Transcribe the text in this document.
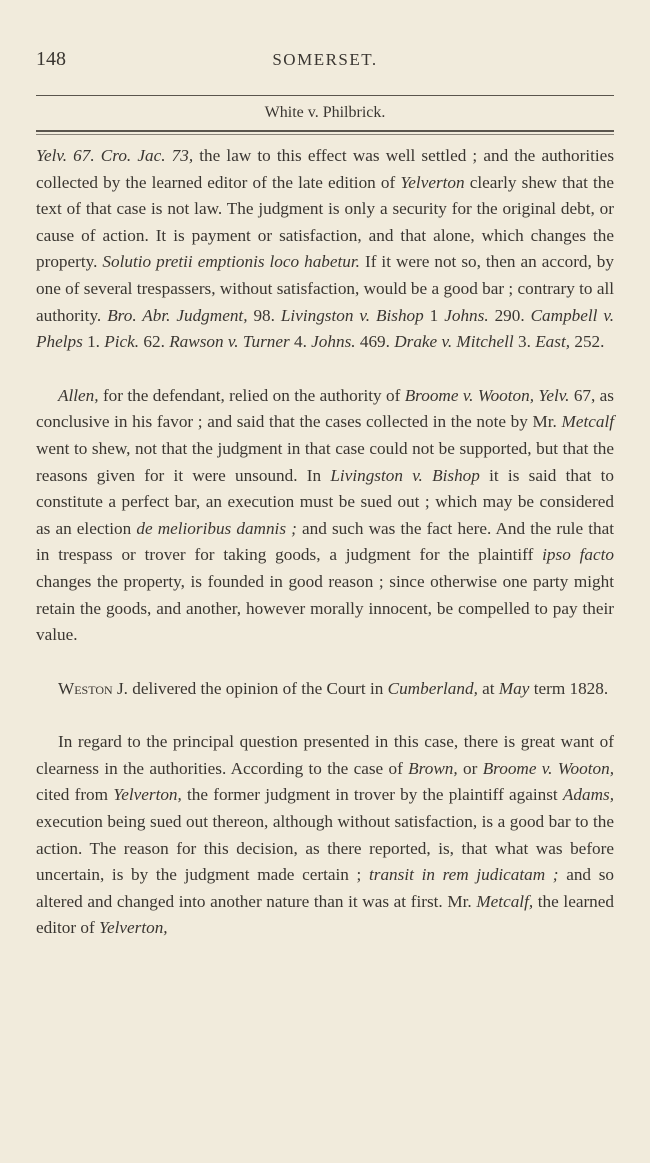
148	SOMERSET.
White v. Philbrick.

Yelv. 67. Cro. Jac. 73, the law to this effect was well settled ; and the authorities collected by the learned editor of the late edition of Yelverton clearly shew that the text of that case is not law. The judgment is only a security for the original debt, or cause of action. It is payment or satisfaction, and that alone, which changes the property. Solutio pretii emptionis loco habetur. If it were not so, then an accord, by one of several trespassers, without satisfaction, would be a good bar ; contrary to all authority. Bro. Abr. Judgment, 98. Livingston v. Bishop 1 Johns. 290. Campbell v. Phelps 1. Pick. 62. Rawson v. Turner 4. Johns. 469. Drake v. Mitchell 3. East, 252.

Allen, for the defendant, relied on the authority of Broome v. Wooton, Yelv. 67, as conclusive in his favor ; and said that the cases collected in the note by Mr. Metcalf went to shew, not that the judgment in that case could not be supported, but that the reasons given for it were unsound. In Livingston v. Bishop it is said that to constitute a perfect bar, an execution must be sued out ; which may be considered as an election de melioribus damnis ; and such was the fact here. And the rule that in trespass or trover for taking goods, a judgment for the plaintiff ipso facto changes the property, is founded in good reason ; since otherwise one party might retain the goods, and another, however morally innocent, be compelled to pay their value.

Weston J. delivered the opinion of the Court in Cumberland, at May term 1828.

In regard to the principal question presented in this case, there is great want of clearness in the authorities. According to the case of Brown, or Broome v. Wooton, cited from Yelverton, the former judgment in trover by the plaintiff against Adams, execution being sued out thereon, although without satisfaction, is a good bar to the action. The reason for this decision, as there reported, is, that what was before uncertain, is by the judgment made certain ; transit in rem judicatam ; and so altered and changed into another nature than it was at first. Mr. Metcalf, the learned editor of Yelverton,
